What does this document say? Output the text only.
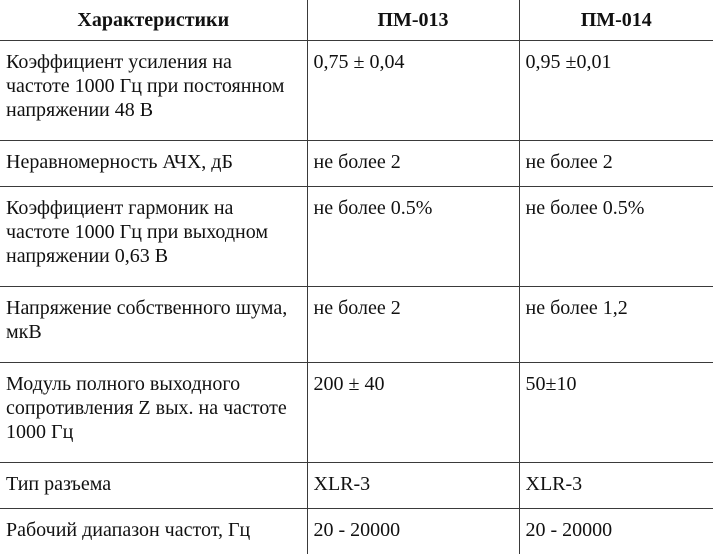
Характеристики	ПМ-013	ПМ-014
Коэффициент усиления на частоте 1000 Гц при постоянном напряжении 48 В	0,75 ± 0,04	0,95 ±0,01
Неравномерность АЧХ, дБ	не более 2	не более 2
Коэффициент гармоник на частоте 1000 Гц при выходном напряжении 0,63 В	не более 0.5%	не более 0.5%
Напряжение собственного шума, мкВ	не более 2	не более 1,2
Модуль полного выходного сопротивления Z вых. на частоте 1000 Гц	200 ± 40	50±10
Тип разъема	XLR-3	XLR-3
Рабочий диапазон частот, Гц	20 - 20000	20 - 20000
